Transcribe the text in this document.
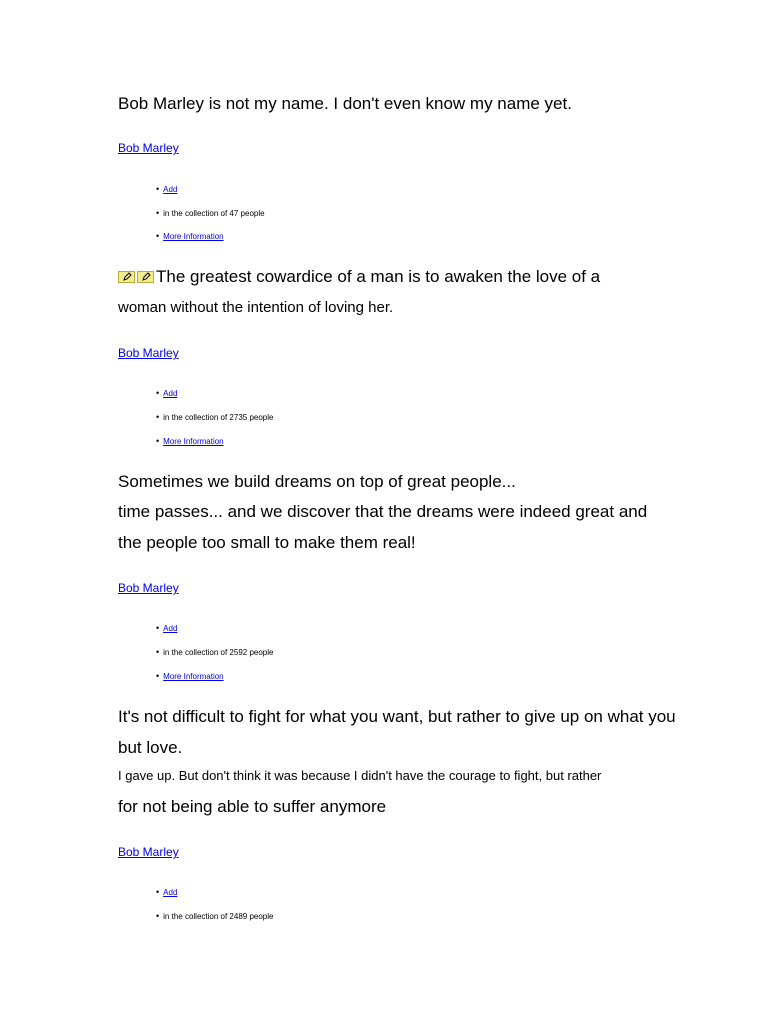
Bob Marley is not my name. I don't even know my name yet.
Bob Marley
• Add
• in the collection of 47 people
• More Information
The greatest cowardice of a man is to awaken the love of a
woman without the intention of loving her.
Bob Marley
• Add
• in the collection of 2735 people
• More Information
Sometimes we build dreams on top of great people...
time passes... and we discover that the dreams were indeed great and
the people too small to make them real!
Bob Marley
• Add
• in the collection of 2592 people
• More Information
It's not difficult to fight for what you want, but rather to give up on what you
but love.
I gave up. But don't think it was because I didn't have the courage to fight, but rather
for not being able to suffer anymore
Bob Marley
• Add
• in the collection of 2489 people
